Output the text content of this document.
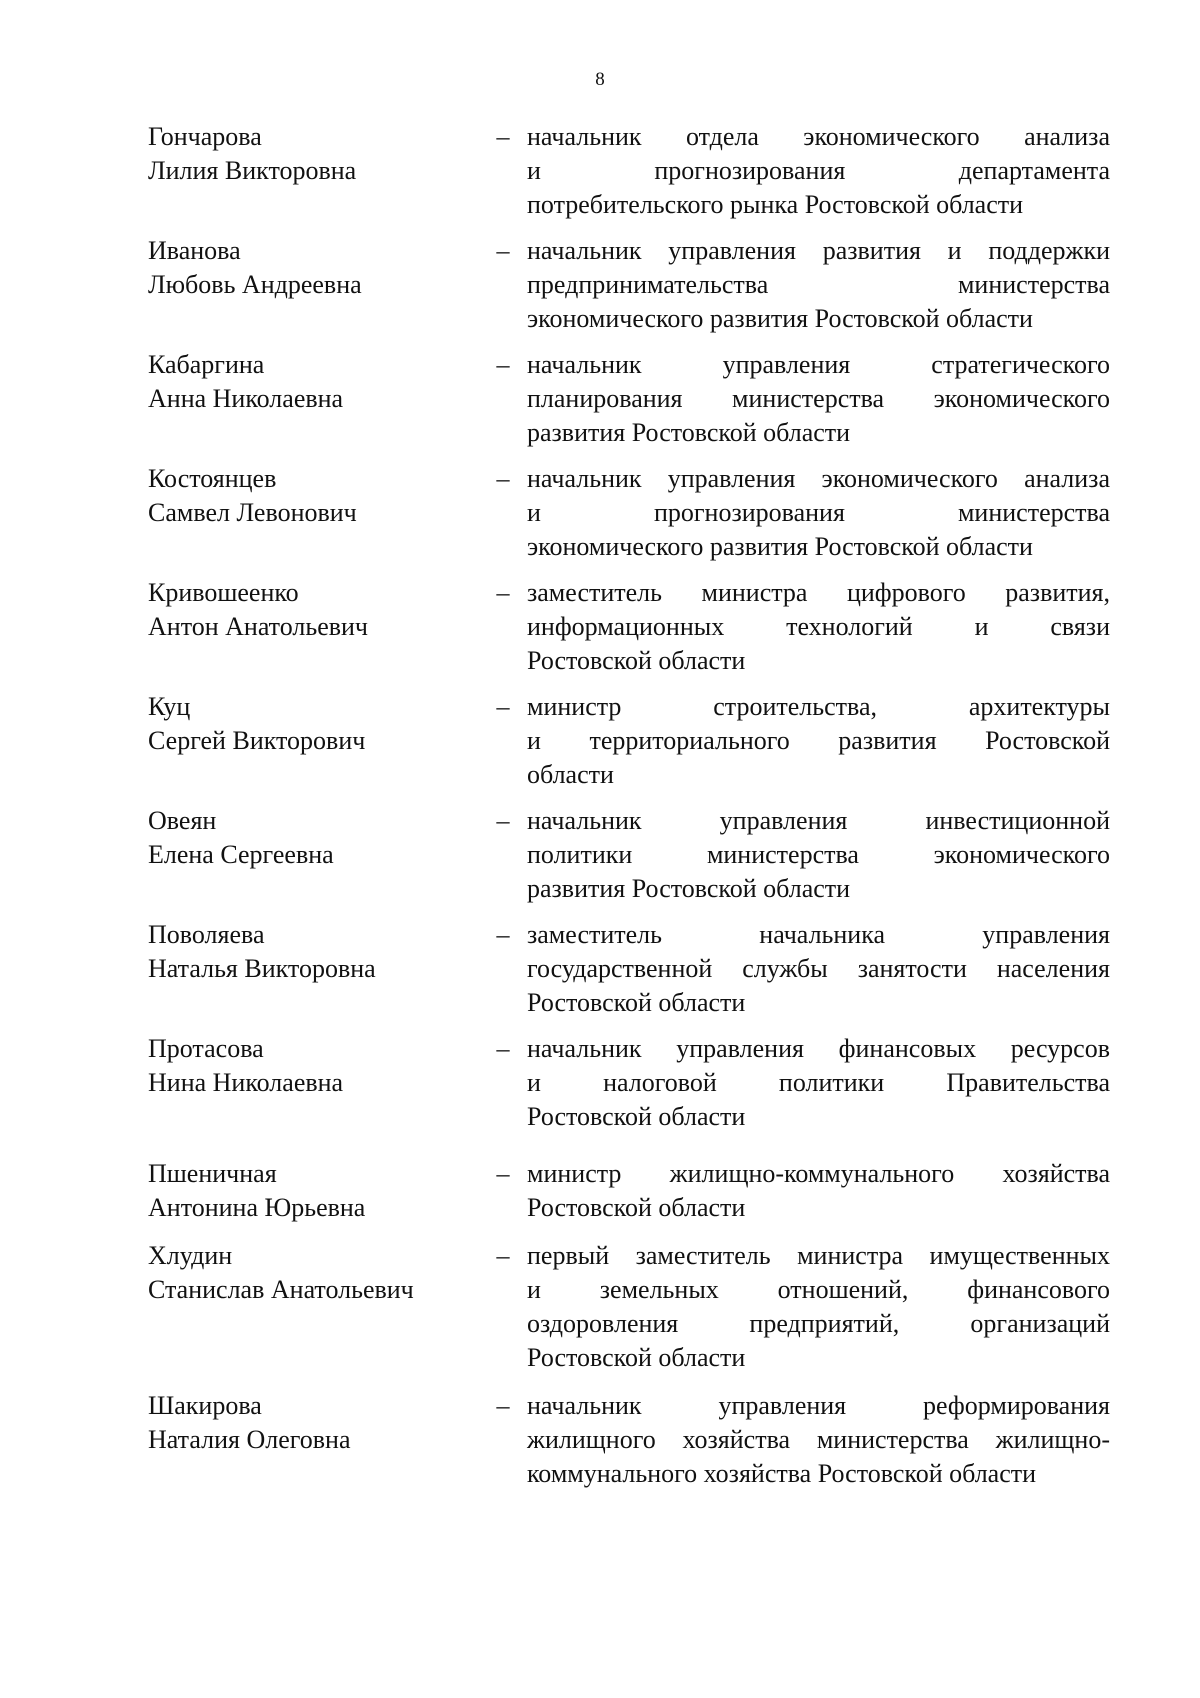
8
Гончарова
Лилия Викторовна
– начальник отдела экономического анализа
и прогнозирования департамента
потребительского рынка Ростовской области
Иванова
Любовь Андреевна
– начальник управления развития и поддержки
предпринимательства министерства
экономического развития Ростовской области
Кабаргина
Анна Николаевна
– начальник управления стратегического
планирования министерства экономического
развития Ростовской области
Костоянцев
Самвел Левонович
– начальник управления экономического анализа
и прогнозирования министерства
экономического развития Ростовской области
Кривошеенко
Антон Анатольевич
– заместитель министра цифрового развития,
информационных технологий и связи
Ростовской области
Куц
Сергей Викторович
– министр строительства, архитектуры
и территориального развития Ростовской
области
Овеян
Елена Сергеевна
– начальник управления инвестиционной
политики министерства экономического
развития Ростовской области
Поволяева
Наталья Викторовна
– заместитель начальника управления
государственной службы занятости населения
Ростовской области
Протасова
Нина Николаевна
– начальник управления финансовых ресурсов
и налоговой политики Правительства
Ростовской области
Пшеничная
Антонина Юрьевна
– министр жилищно-коммунального хозяйства
Ростовской области
Хлудин
Станислав Анатольевич
– первый заместитель министра имущественных
и земельных отношений, финансового
оздоровления предприятий, организаций
Ростовской области
Шакирова
Наталия Олеговна
– начальник управления реформирования
жилищного хозяйства министерства жилищно-
коммунального хозяйства Ростовской области
